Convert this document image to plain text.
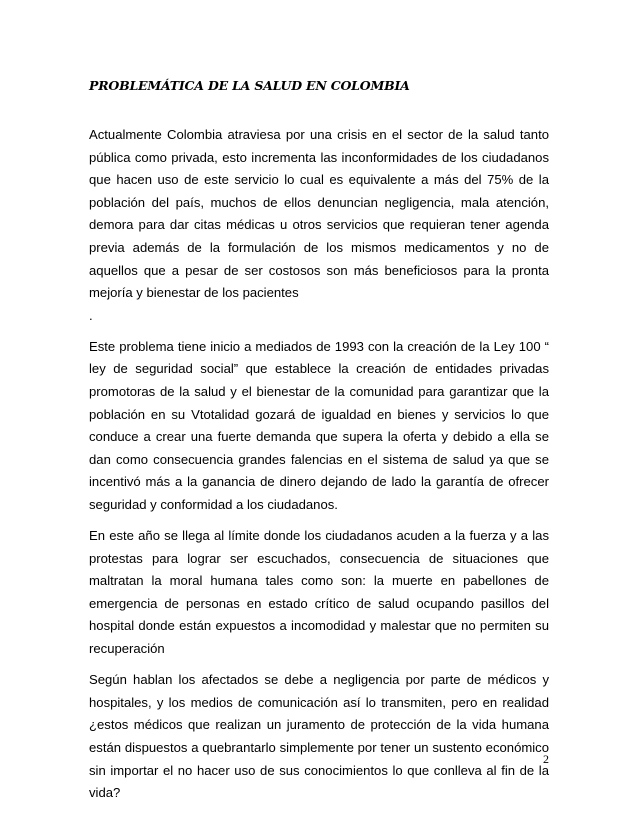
PROBLEMÁTICA DE LA SALUD EN COLOMBIA

Actualmente Colombia atraviesa por una crisis en el sector de la salud tanto pública como privada, esto incrementa las inconformidades de los ciudadanos que hacen uso de este servicio lo cual es equivalente a más del 75% de la población del país, muchos de ellos denuncian negligencia, mala atención, demora para dar citas médicas u otros servicios que requieran tener agenda previa además de la formulación de los mismos medicamentos y no de aquellos que a pesar de ser costosos son más beneficiosos para la pronta mejoría y bienestar de los pacientes
.

Este problema tiene inicio a mediados de 1993 con la creación de la Ley 100 “ ley de seguridad social” que establece la creación de entidades privadas promotoras de la salud y el bienestar de la comunidad para garantizar que la población en su Vtotalidad gozará de igualdad en bienes y servicios lo que conduce a crear una fuerte demanda que supera la oferta y debido a ella se dan como consecuencia grandes falencias en el sistema de salud ya que se incentivó más a la ganancia de dinero dejando de lado la garantía de ofrecer seguridad y conformidad a los ciudadanos.

En este año se llega al límite donde los ciudadanos acuden a la fuerza y a las protestas para lograr ser escuchados, consecuencia de situaciones que maltratan la moral humana tales como son: la muerte en pabellones de emergencia de personas en estado crítico de salud ocupando pasillos del hospital donde están expuestos a incomodidad y malestar que no permiten su recuperación

Según hablan los afectados se debe a negligencia por parte de médicos y hospitales, y los medios de comunicación así lo transmiten, pero en realidad ¿estos médicos que realizan un juramento de protección de la vida humana están dispuestos a quebrantarlo simplemente por tener un sustento económico sin importar el no hacer uso de sus conocimientos lo que conlleva al fin de la vida?

2
